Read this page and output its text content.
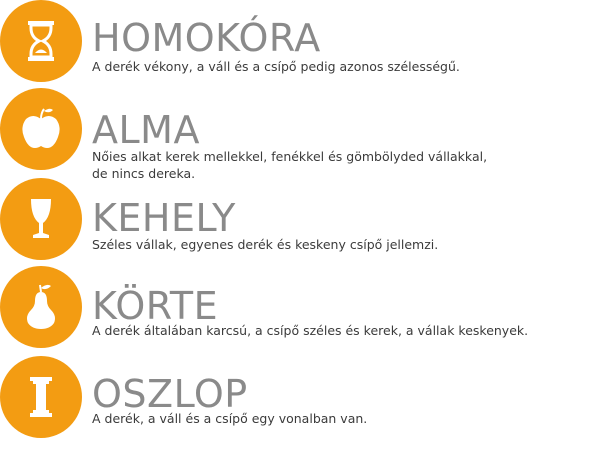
HOMOKÓRA
A derék vékony, a váll és a csípő pedig azonos szélességű.
ALMA
Nőies alkat kerek mellekkel, fenékkel és gömbölyded vállakkal,
de nincs dereka.
KEHELY
Széles vállak, egyenes derék és keskeny csípő jellemzi.
KÖRTE
A derék általában karcsú, a csípő széles és kerek, a vállak keskenyek.
OSZLOP
A derék, a váll és a csípő egy vonalban van.
